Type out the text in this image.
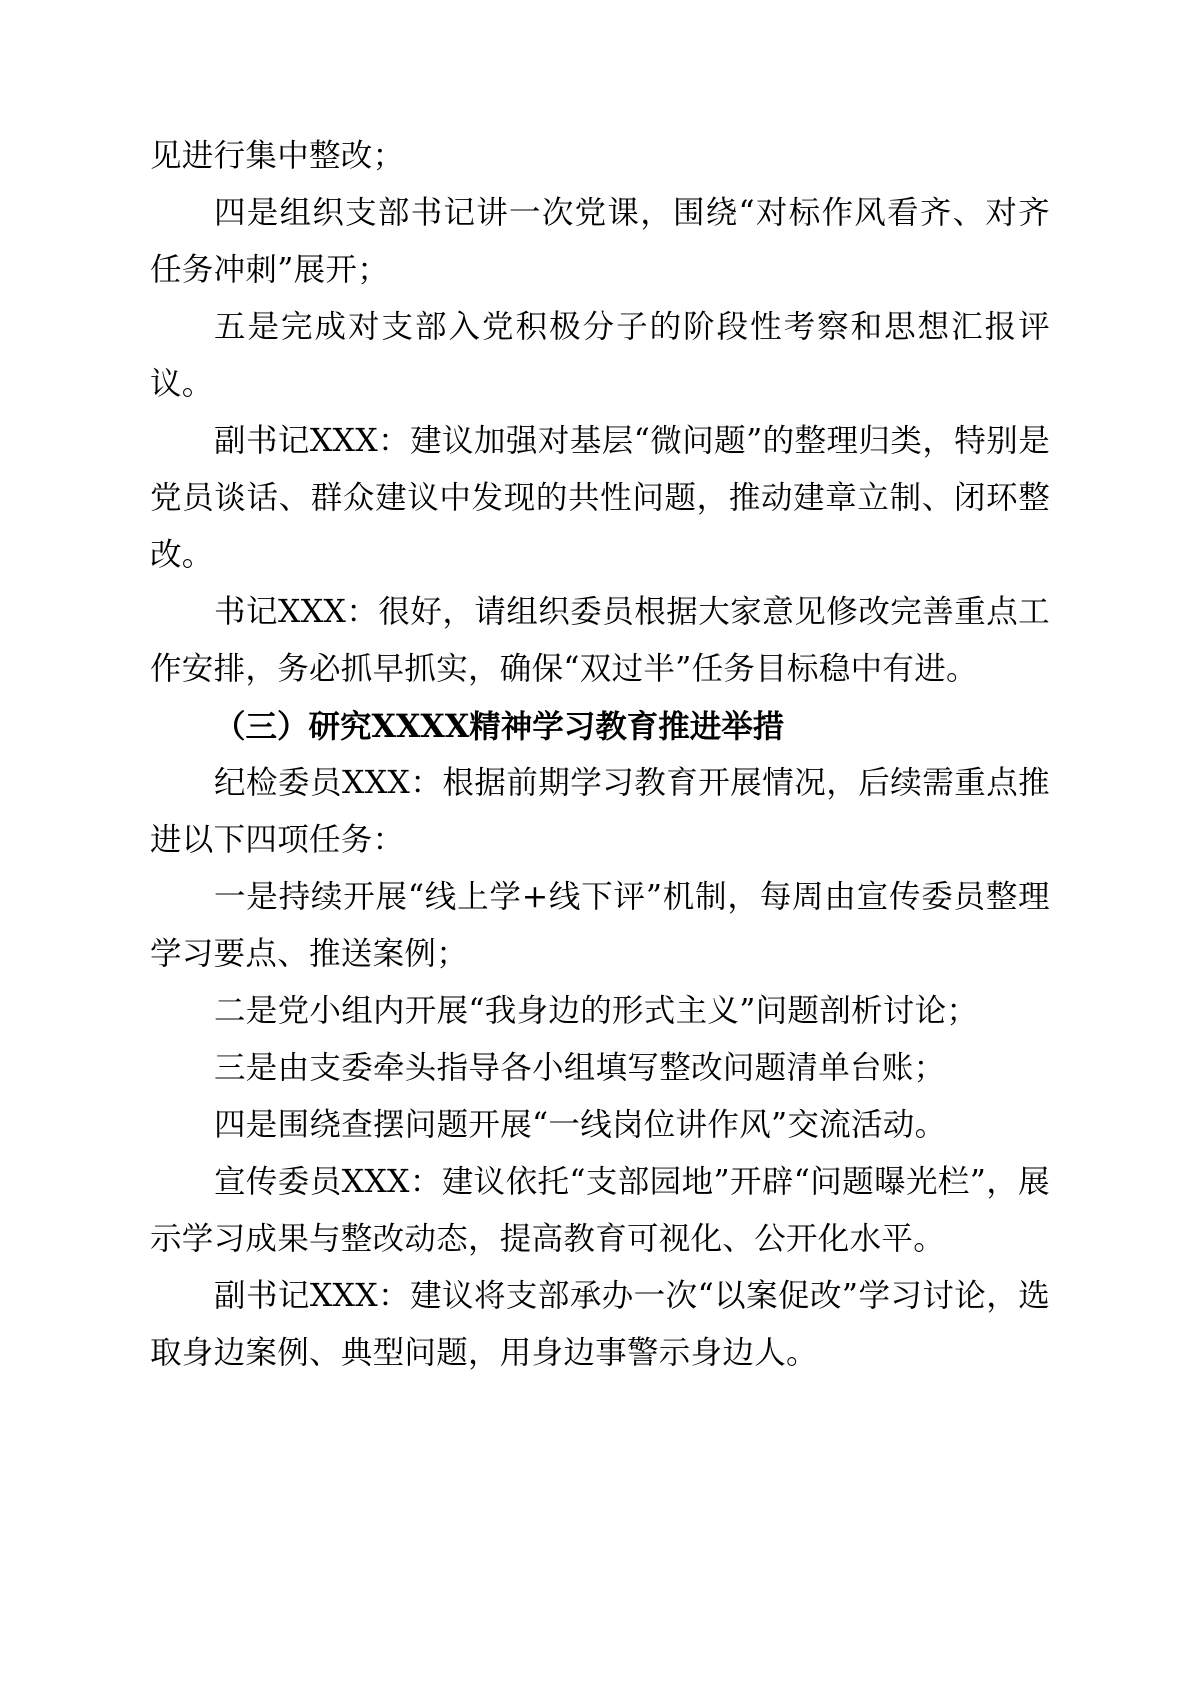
见进行集中整改；

四是组织支部书记讲一次党课，围绕“对标作风看齐、对齐任务冲刺”展开；

五是完成对支部入党积极分子的阶段性考察和思想汇报评议。

副书记XXX：建议加强对基层“微问题”的整理归类，特别是党员谈话、群众建议中发现的共性问题，推动建章立制、闭环整改。

书记XXX：很好，请组织委员根据大家意见修改完善重点工作安排，务必抓早抓实，确保“双过半”任务目标稳中有进。

（三）研究XXXX精神学习教育推进举措

纪检委员XXX：根据前期学习教育开展情况，后续需重点推进以下四项任务：

一是持续开展“线上学+线下评”机制，每周由宣传委员整理学习要点、推送案例；

二是党小组内开展“我身边的形式主义”问题剖析讨论；

三是由支委牵头指导各小组填写整改问题清单台账；

四是围绕查摆问题开展“一线岗位讲作风”交流活动。

宣传委员XXX：建议依托“支部园地”开辟“问题曝光栏”，展示学习成果与整改动态，提高教育可视化、公开化水平。

副书记XXX：建议将支部承办一次“以案促改”学习讨论，选取身边案例、典型问题，用身边事警示身边人。
